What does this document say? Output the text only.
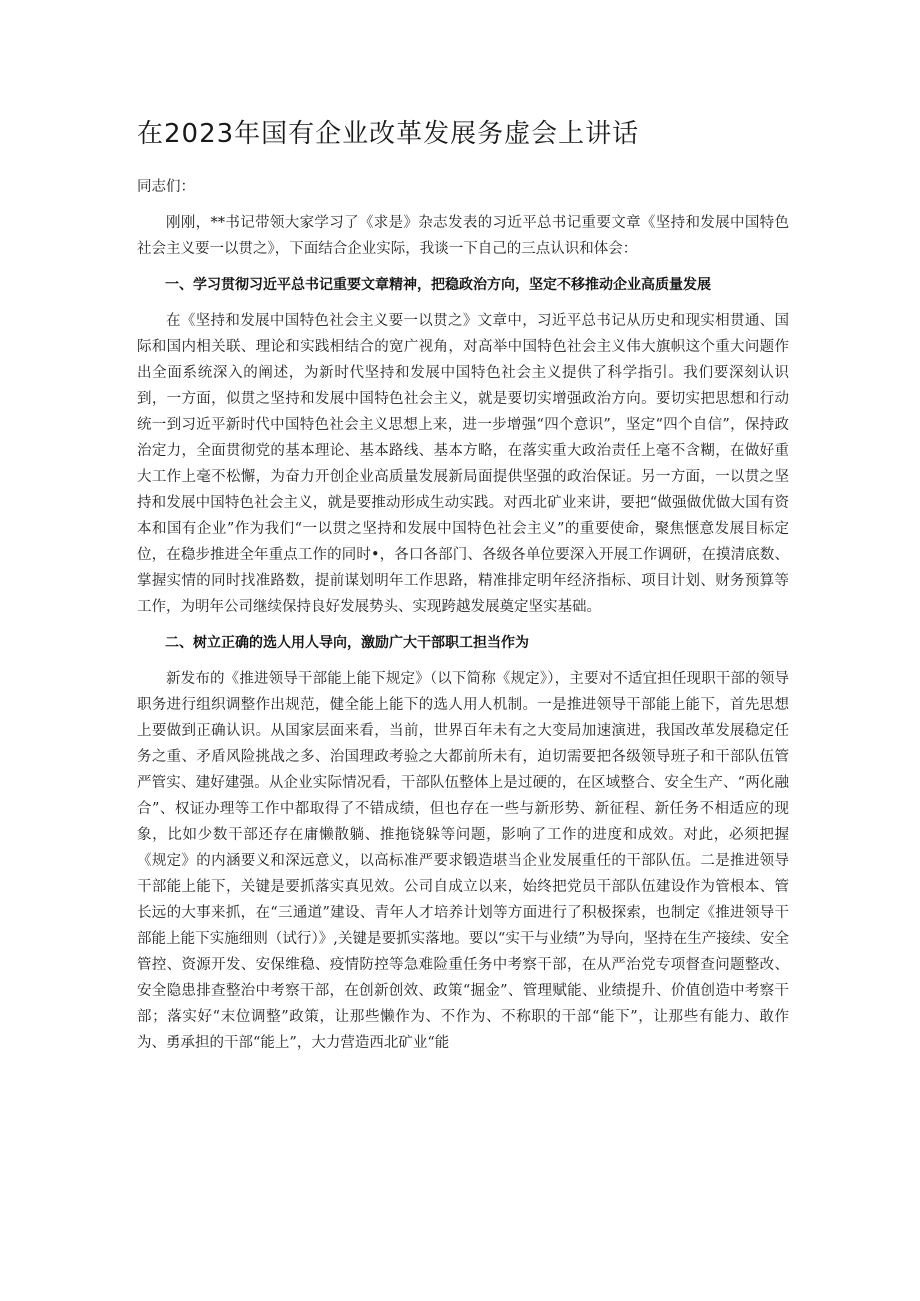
在2023年国有企业改革发展务虚会上讲话

同志们：

刚刚，**书记带领大家学习了《求是》杂志发表的习近平总书记重要文章《坚持和发展中国特色社会主义要一以贯之》，下面结合企业实际，我谈一下自己的三点认识和体会：

一、学习贯彻习近平总书记重要文章精神，把稳政治方向，坚定不移推动企业高质量发展

在《坚持和发展中国特色社会主义要一以贯之》文章中，习近平总书记从历史和现实相贯通、国际和国内相关联、理论和实践相结合的宽广视角，对高举中国特色社会主义伟大旗帜这个重大问题作出全面系统深入的阐述，为新时代坚持和发展中国特色社会主义提供了科学指引。我们要深刻认识到，一方面，似贯之坚持和发展中国特色社会主义，就是要切实增强政治方向。要切实把思想和行动统一到习近平新时代中国特色社会主义思想上来，进一步增强“四个意识”，坚定“四个自信”，保持政治定力，全面贯彻党的基本理论、基本路线、基本方略，在落实重大政治责任上毫不含糊，在做好重大工作上毫不松懈，为奋力开创企业高质量发展新局面提供坚强的政治保证。另一方面，一以贯之坚持和发展中国特色社会主义，就是要推动形成生动实践。对西北矿业来讲，要把“做强做优做大国有资本和国有企业”作为我们“一以贯之坚持和发展中国特色社会主义”的重要使命，聚焦惬意发展目标定位，在稳步推进全年重点工作的同时•，各口各部门、各级各单位要深入开展工作调研，在摸清底数、掌握实情的同时找准路数，提前谋划明年工作思路，精准排定明年经济指标、项目计划、财务预算等工作，为明年公司继续保持良好发展势头、实现跨越发展奠定坚实基础。

二、树立正确的选人用人导向，激励广大干部职工担当作为

新发布的《推进领导干部能上能下规定》（以下简称《规定》），主要对不适宜担任现职干部的领导职务进行组织调整作出规范，健全能上能下的选人用人机制。一是推进领导干部能上能下，首先思想上要做到正确认识。从国家层面来看，当前，世界百年未有之大变局加速演进，我国改革发展稳定任务之重、矛盾风险挑战之多、治国理政考验之大都前所未有，迫切需要把各级领导班子和干部队伍管严管实、建好建强。从企业实际情况看，干部队伍整体上是过硬的，在区域整合、安全生产、“两化融合”、权证办理等工作中都取得了不错成绩，但也存在一些与新形势、新征程、新任务不相适应的现象，比如少数干部还存在庸懒散躺、推拖铙躲等问题，影响了工作的进度和成效。对此，必须把握《规定》的内涵要义和深远意义，以高标准严要求锻造堪当企业发展重任的干部队伍。二是推进领导干部能上能下，关键是要抓落实真见效。公司自成立以来，始终把党员干部队伍建设作为管根本、管长远的大事来抓，在“三通道”建设、青年人才培养计划等方面进行了积极探索，也制定《推进领导干部能上能下实施细则（试行）》,关键是要抓实落地。要以“实干与业绩”为导向，坚持在生产接续、安全管控、资源开发、安保维稳、疫情防控等急难险重任务中考察干部，在从严治党专项督查问题整改、安全隐患排查整治中考察干部，在创新创效、政策“掘金”、管理赋能、业绩提升、价值创造中考察干部；落实好“末位调整”政策，让那些懒作为、不作为、不称职的干部“能下”，让那些有能力、敢作为、勇承担的干部“能上”，大力营造西北矿业“能
